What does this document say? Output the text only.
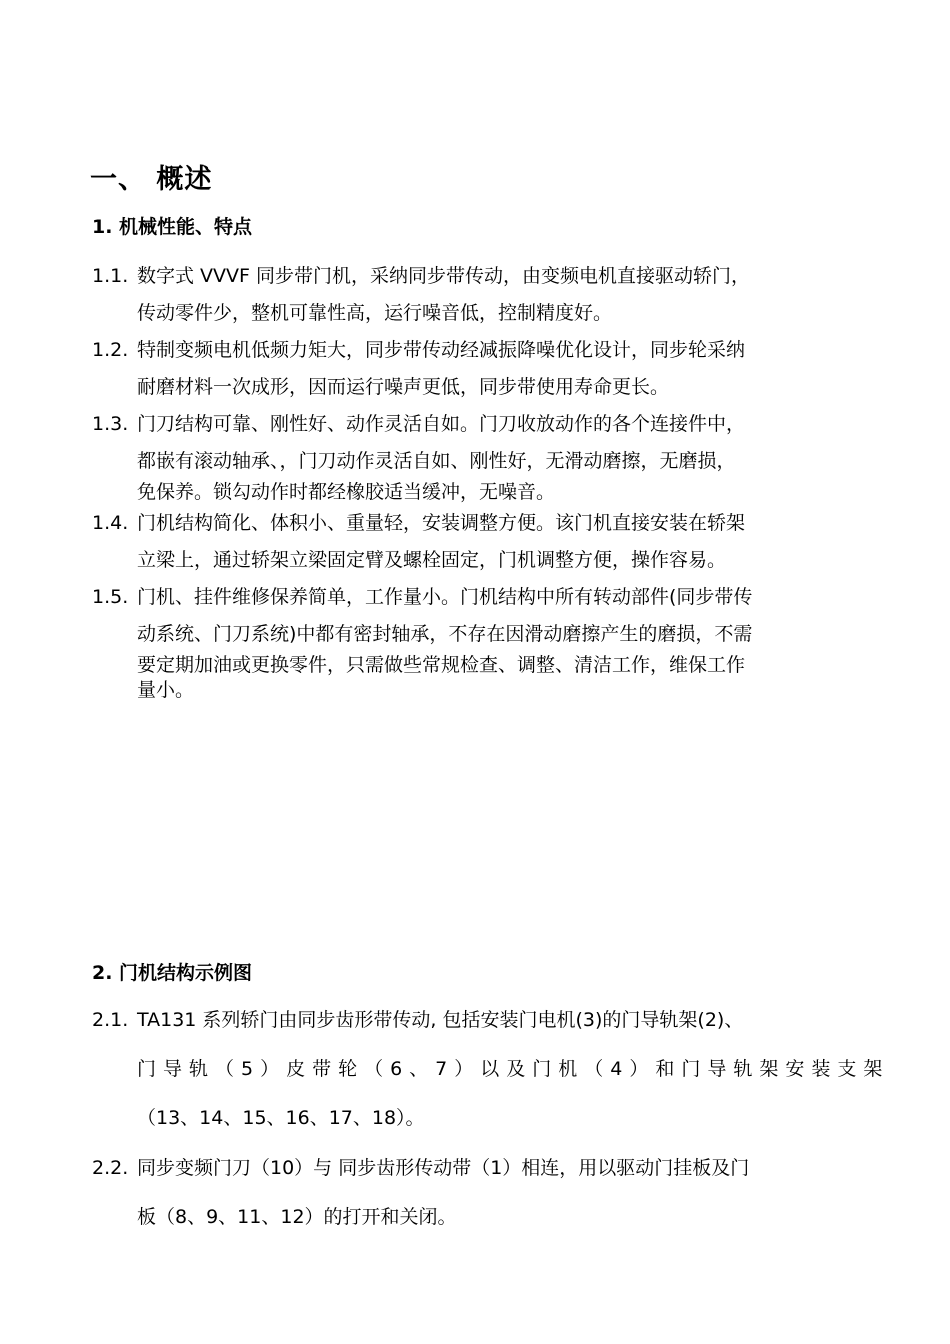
一、 概述
1. 机械性能、特点
1.1. 数字式 VVVF 同步带门机，采纳同步带传动，由变频电机直接驱动轿门，
传动零件少，整机可靠性高，运行噪音低，控制精度好。
1.2. 特制变频电机低频力矩大，同步带传动经减振降噪优化设计，同步轮采纳
耐磨材料一次成形，因而运行噪声更低，同步带使用寿命更长。
1.3. 门刀结构可靠、刚性好、动作灵活自如。门刀收放动作的各个连接件中，
都嵌有滚动轴承、，门刀动作灵活自如、刚性好，无滑动磨擦，无磨损，
免保养。锁勾动作时都经橡胶适当缓冲，无噪音。
1.4. 门机结构简化、体积小、重量轻，安装调整方便。该门机直接安装在轿架
立梁上，通过轿架立梁固定臂及螺栓固定，门机调整方便，操作容易。
1.5. 门机、挂件维修保养简单，工作量小。门机结构中所有转动部件(同步带传
动系统、门刀系统)中都有密封轴承，不存在因滑动磨擦产生的磨损，不需
要定期加油或更换零件，只需做些常规检查、调整、清洁工作，维保工作
量小。
2. 门机结构示例图
2.1. TA131 系列轿门由同步齿形带传动, 包括安装门电机(3)的门导轨架(2)、
门导轨（5）皮带轮（6、7）以及门机（4）和门导轨架安装支架
（13、14、15、16、17、18）。
2.2. 同步变频门刀（10）与 同步齿形传动带（1）相连，用以驱动门挂板及门
板（8、9、11、12）的打开和关闭。
